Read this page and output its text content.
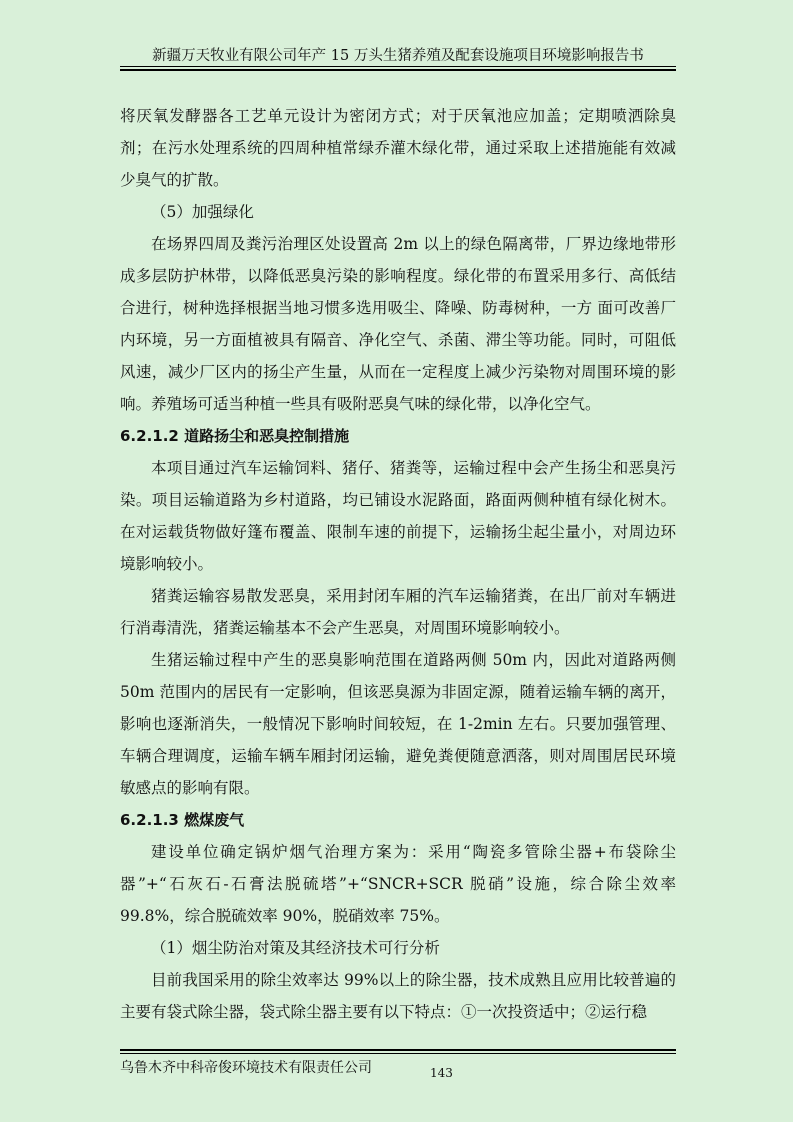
新疆万天牧业有限公司年产 15 万头生猪养殖及配套设施项目环境影响报告书

将厌氧发酵器各工艺单元设计为密闭方式；对于厌氧池应加盖；定期喷洒除臭剂；在污水处理系统的四周种植常绿乔灌木绿化带，通过采取上述措施能有效减少臭气的扩散。

（5）加强绿化

在场界四周及粪污治理区处设置高 2m 以上的绿色隔离带，厂界边缘地带形成多层防护林带，以降低恶臭污染的影响程度。绿化带的布置采用多行、高低结合进行，树种选择根据当地习惯多选用吸尘、降噪、防毒树种，一方 面可改善厂内环境，另一方面植被具有隔音、净化空气、杀菌、滞尘等功能。同时，可阻低风速，减少厂区内的扬尘产生量，从而在一定程度上减少污染物对周围环境的影响。养殖场可适当种植一些具有吸附恶臭气味的绿化带，以净化空气。

6.2.1.2 道路扬尘和恶臭控制措施

本项目通过汽车运输饲料、猪仔、猪粪等，运输过程中会产生扬尘和恶臭污染。项目运输道路为乡村道路，均已铺设水泥路面，路面两侧种植有绿化树木。在对运载货物做好篷布覆盖、限制车速的前提下，运输扬尘起尘量小，对周边环境影响较小。

猪粪运输容易散发恶臭，采用封闭车厢的汽车运输猪粪，在出厂前对车辆进行消毒清洗，猪粪运输基本不会产生恶臭，对周围环境影响较小。

生猪运输过程中产生的恶臭影响范围在道路两侧 50m 内，因此对道路两侧 50m 范围内的居民有一定影响，但该恶臭源为非固定源，随着运输车辆的离开，影响也逐渐消失，一般情况下影响时间较短，在 1-2min 左右。只要加强管理、车辆合理调度，运输车辆车厢封闭运输，避免粪便随意洒落，则对周围居民环境敏感点的影响有限。

6.2.1.3 燃煤废气

建设单位确定锅炉烟气治理方案为：采用“陶瓷多管除尘器+布袋除尘器”+“石灰石-石膏法脱硫塔”+“SNCR+SCR 脱硝”设施，综合除尘效率 99.8%，综合脱硫效率 90%，脱硝效率 75%。

（1）烟尘防治对策及其经济技术可行分析

目前我国采用的除尘效率达 99%以上的除尘器，技术成熟且应用比较普遍的主要有袋式除尘器，袋式除尘器主要有以下特点：①一次投资适中；②运行稳

乌鲁木齐中科帝俊环境技术有限责任公司	143
